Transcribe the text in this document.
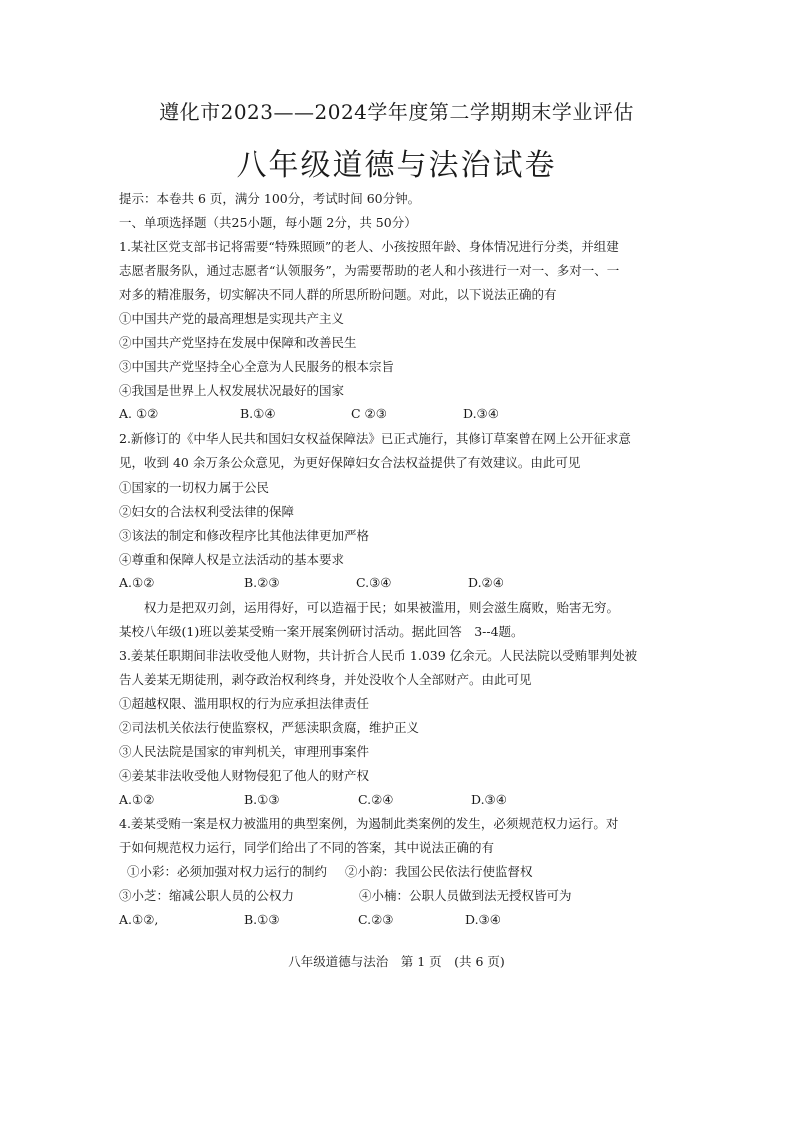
遵化市2023——2024学年度第二学期期末学业评估
八年级道德与法治试卷
提示：本卷共 6 页，满分 100分，考试时间 60分钟。
一、单项选择题（共25小题，每小题 2分，共 50分）
1.某社区党支部书记将需要“特殊照顾”的老人、小孩按照年龄、身体情况进行分类，并组建
志愿者服务队，通过志愿者“认领服务”，为需要帮助的老人和小孩进行一对一、多对一、一
对多的精准服务，切实解决不同人群的所思所盼问题。对此，以下说法正确的有
①中国共产党的最高理想是实现共产主义
②中国共产党坚持在发展中保障和改善民生
③中国共产党坚持全心全意为人民服务的根本宗旨
④我国是世界上人权发展状况最好的国家
A. ①②	B.①④	C ②③	D.③④
2.新修订的《中华人民共和国妇女权益保障法》已正式施行，其修订草案曾在网上公开征求意
见，收到 40 余万条公众意见，为更好保障妇女合法权益提供了有效建议。由此可见
①国家的一切权力属于公民
②妇女的合法权利受法律的保障
③该法的制定和修改程序比其他法律更加严格
④尊重和保障人权是立法活动的基本要求
A.①②	B.②③	C.③④	D.②④
　　权力是把双刃剑，运用得好，可以造福于民；如果被滥用，则会滋生腐败，贻害无穷。
某校八年级(1)班以姜某受贿一案开展案例研讨活动。据此回答　3--4题。
3.姜某任职期间非法收受他人财物，共计折合人民币 1.039 亿余元。人民法院以受贿罪判处被
告人姜某无期徒刑，剥夺政治权利终身，并处没收个人全部财产。由此可见
①超越权限、滥用职权的行为应承担法律责任
②司法机关依法行使监察权，严惩渎职贪腐，维护正义
③人民法院是国家的审判机关，审理刑事案件
④姜某非法收受他人财物侵犯了他人的财产权
A.①②	B.①③	C.②④	D.③④
4.姜某受贿一案是权力被滥用的典型案例，为遏制此类案例的发生，必须规范权力运行。对
于如何规范权力运行，同学们给出了不同的答案，其中说法正确的有
①小彩：必须加强对权力运行的制约 ②小韵：我国公民依法行使监督权
③小芝：缩减公职人员的公权力	④小楠：公职人员做到法无授权皆可为
A.①②,	B.①③	C.②③	D.③④
八年级道德与法治　第 1 页　(共 6 页)
